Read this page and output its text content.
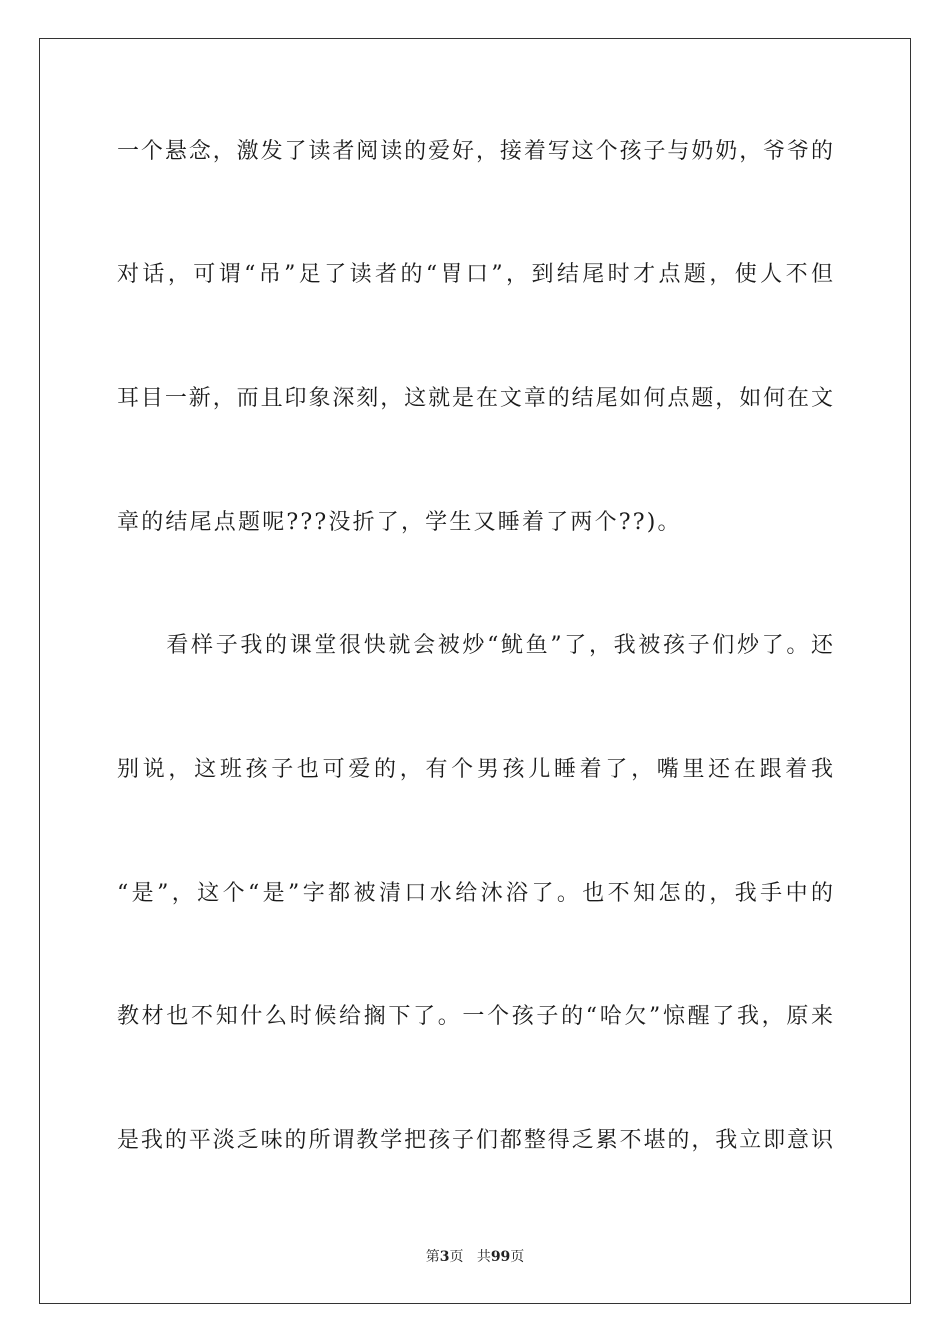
一个悬念，激发了读者阅读的爱好，接着写这个孩子与奶奶，爷爷的
对话，可谓“吊”足了读者的“胃口”，到结尾时才点题，使人不但
耳目一新，而且印象深刻，这就是在文章的结尾如何点题，如何在文
章的结尾点题呢???没折了，学生又睡着了两个??)。
　　看样子我的课堂很快就会被炒“鱿鱼”了，我被孩子们炒了。还
别说，这班孩子也可爱的，有个男孩儿睡着了，嘴里还在跟着我
“是”，这个“是”字都被清口水给沐浴了。也不知怎的，我手中的
教材也不知什么时候给搁下了。一个孩子的“哈欠”惊醒了我，原来
是我的平淡乏味的所谓教学把孩子们都整得乏累不堪的，我立即意识
第3页 共99页
